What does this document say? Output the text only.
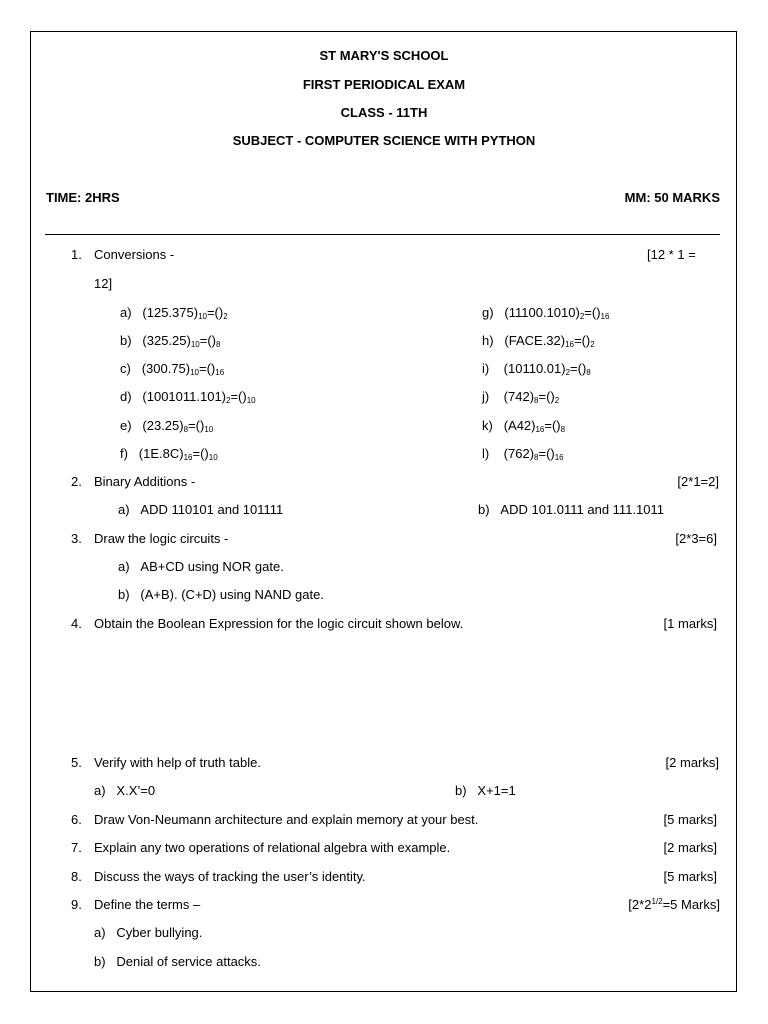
ST MARY'S SCHOOL
FIRST PERIODICAL EXAM
CLASS - 11TH
SUBJECT - COMPUTER SCIENCE WITH PYTHON
TIME: 2HRS	MM: 50 MARKS
1. Conversions -	[12 * 1 =
12]
a) $(125.375)_{10}=()_2$
b) $(325.25)_{10}=()_8$
c) $(300.75)_{10}=()_{16}$
d) $(1001011.101)_2=()_{10}$
e) $(23.25)_8=()_{10}$
f) $(1E.8C)_{16}=()_{10}$
g) $(11100.1010)_2=()_{16}$
h) $(FACE.32)_{16}=()_2$
i) $(10110.01)_2=()_8$
j) $(742)_8=()_2$
k) $(A42)_{16}=()_8$
l) $(762)_8=()_{16}$
2. Binary Additions -	[2*1=2]
a) ADD 110101 and 101111	b) ADD 101.0111 and 111.1011
3. Draw the logic circuits -	[2*3=6]
a) AB+CD using NOR gate.
b) (A+B). (C+D) using NAND gate.
4. Obtain the Boolean Expression for the logic circuit shown below.	[1 marks]
5. Verify with help of truth table.	[2 marks]
a) X.X’=0	b) X+1=1
6. Draw Von-Neumann architecture and explain memory at your best.	[5 marks]
7. Explain any two operations of relational algebra with example.	[2 marks]
8. Discuss the ways of tracking the user’s identity.	[5 marks]
9. Define the terms –	[$2*2^{1/2}=5$ Marks]
a) Cyber bullying.
b) Denial of service attacks.
